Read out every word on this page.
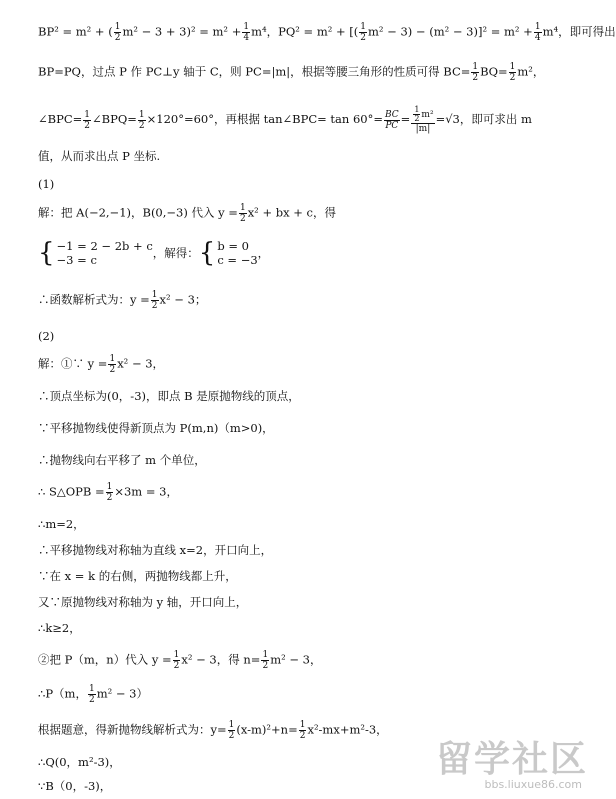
BP² = m² + ( $\frac{1}{2} m^2 - 3 + 3)^2 = m^2 + \frac{1}{4} m^4$，PQ² = m² + [( $\frac{1}{2} m^2 - 3) - (m^2 - 3)]^2 = m^2 + \frac{1}{4} m^4$，即可得出
BP=PQ，过点 P 作 PC⊥y 轴于 C，则 PC=|m|，根据等腰三角形的性质可得 $BC= \frac{1}{2} BQ= \frac{1}{2} m^2$，
∠BPC= $\frac{1}{2}$ ∠BPQ= $\frac{1}{2} \times 120^\circ=60^\circ$，再根据 tan∠BPC= $\tan 60^\circ= \frac{BC}{PC} = \frac{\frac{1}{2} m^2}{|m|} =√3$，即可求出 m
值，从而求出点 P 坐标.
(1)
解：把 A(−2,−1)，B(0,−3) 代入 $y = \frac{1}{2} x^2$ + bx + c，得
{ −1 = 2 − 2b + c
−3 = c	，解得：{ b = 0
c = −3 ，
∴函数解析式为：$y = \frac{1}{2} x^2 - 3$；
(2)
解：①∵ $y = \frac{1}{2} x^2 - 3$，
∴顶点坐标为(0，-3)，即点 B 是原抛物线的顶点，
∵平移抛物线使得新顶点为 P(m,n)（m>0)，
∴抛物线向右平移了 m 个单位，
∴ S△OPB = $\frac{1}{2} \times 3m = 3$，
∴m=2，
∴平移抛物线对称轴为直线 x=2，开口向上，
∵在 x = k 的右侧，两抛物线都上升，
又∵原抛物线对称轴为 y 轴，开口向上，
∴k≥2，
②把 P（m，n）代入 $y = \frac{1}{2} x^2 - 3$，得 $n= \frac{1}{2} m^2 - 3$，
∴P（m， $\frac{1}{2} m^2 - 3$）
根据题意，得新抛物线解析式为：$y= \frac{1}{2} (x-m)^2+n= \frac{1}{2} x^2-mx+m^2-3$，
∴Q(0，m²-3)，
∵B（0，-3)，
留学社区
bbs.liuxue86.com
